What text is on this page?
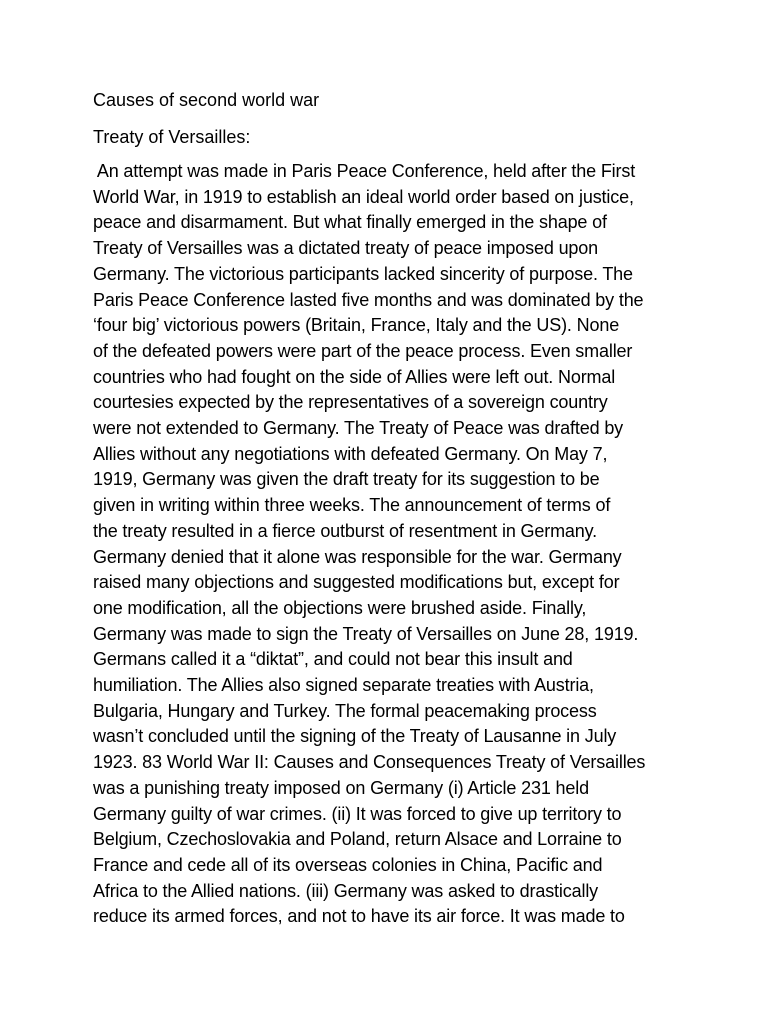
Causes of second world war
Treaty of Versailles:
An attempt was made in Paris Peace Conference, held after the First
World War, in 1919 to establish an ideal world order based on justice,
peace and disarmament. But what finally emerged in the shape of
Treaty of Versailles was a dictated treaty of peace imposed upon
Germany. The victorious participants lacked sincerity of purpose. The
Paris Peace Conference lasted five months and was dominated by the
‘four big’ victorious powers (Britain, France, Italy and the US). None
of the defeated powers were part of the peace process. Even smaller
countries who had fought on the side of Allies were left out. Normal
courtesies expected by the representatives of a sovereign country
were not extended to Germany. The Treaty of Peace was drafted by
Allies without any negotiations with defeated Germany. On May 7,
1919, Germany was given the draft treaty for its suggestion to be
given in writing within three weeks. The announcement of terms of
the treaty resulted in a fierce outburst of resentment in Germany.
Germany denied that it alone was responsible for the war. Germany
raised many objections and suggested modifications but, except for
one modification, all the objections were brushed aside. Finally,
Germany was made to sign the Treaty of Versailles on June 28, 1919.
Germans called it a “diktat”, and could not bear this insult and
humiliation. The Allies also signed separate treaties with Austria,
Bulgaria, Hungary and Turkey. The formal peacemaking process
wasn’t concluded until the signing of the Treaty of Lausanne in July
1923. 83 World War II: Causes and Consequences Treaty of Versailles
was a punishing treaty imposed on Germany (i) Article 231 held
Germany guilty of war crimes. (ii) It was forced to give up territory to
Belgium, Czechoslovakia and Poland, return Alsace and Lorraine to
France and cede all of its overseas colonies in China, Pacific and
Africa to the Allied nations. (iii) Germany was asked to drastically
reduce its armed forces, and not to have its air force. It was made to
